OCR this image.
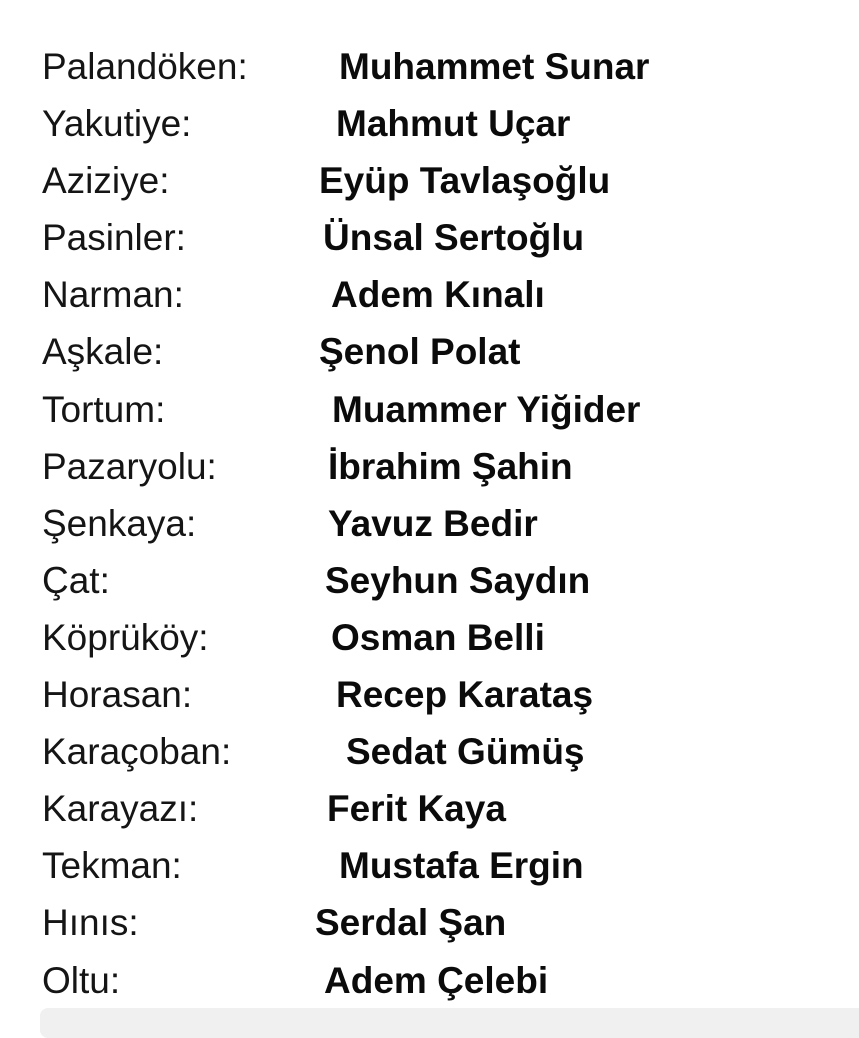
Palandöken: Muhammet Sunar
Yakutiye:	Mahmut Uçar
Aziziye:	Eyüp Tavlaşoğlu
Pasinler:	Ünsal Sertoğlu
Narman:	Adem Kınalı
Aşkale:	Şenol Polat
Tortum:	Muammer Yiğider
Pazaryolu:	İbrahim Şahin
Şenkaya:	Yavuz Bedir
Çat:	Seyhun Saydın
Köprüköy:	Osman Belli
Horasan:	Recep Karataş
Karaçoban:	Sedat Gümüş
Karayazı:	Ferit Kaya
Tekman:	Mustafa Ergin
Hınıs:	Serdal Şan
Oltu:	Adem Çelebi
